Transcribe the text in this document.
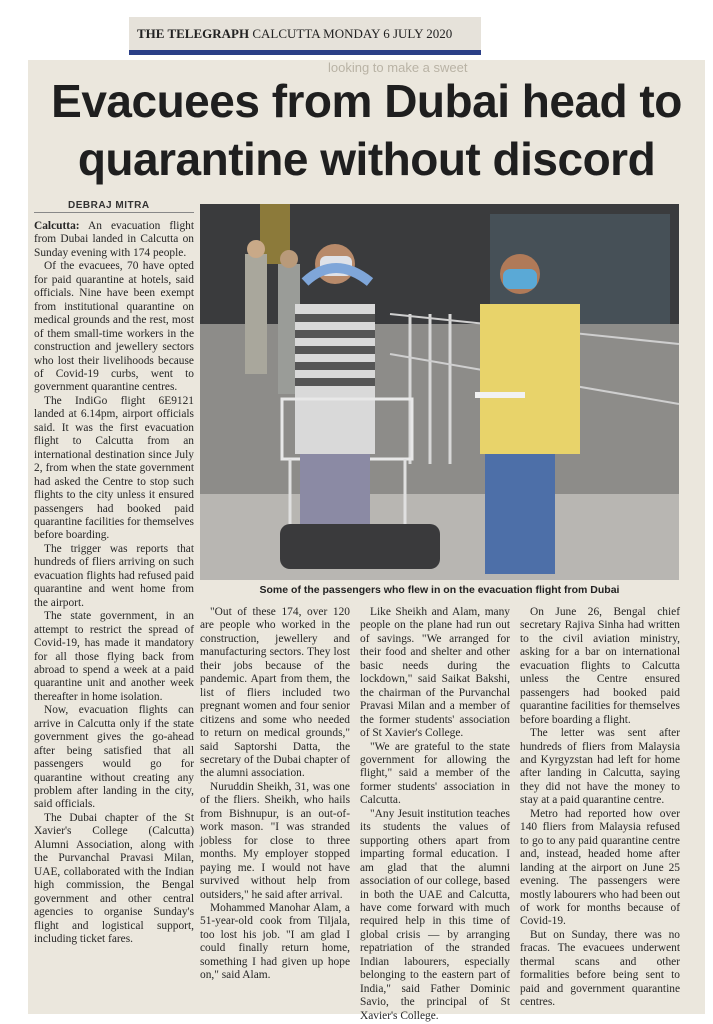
THE TELEGRAPH CALCUTTA MONDAY 6 JULY 2020
looking to make a sweet
Evacuees from Dubai head to
quarantine without discord
DEBRAJ MITRA
Some of the passengers who flew in on the evacuation flight from Dubai

Calcutta: An evacuation flight from Dubai landed in Calcutta on Sunday evening with 174 people.

Of the evacuees, 70 have opted for paid quarantine at hotels, said officials. Nine have been exempt from institutional quarantine on medical grounds and the rest, most of them small-time workers in the construction and jewellery sectors who lost their livelihoods because of Covid-19 curbs, went to government quarantine centres.

The IndiGo flight 6E9121 landed at 6.14pm, airport officials said. It was the first evacuation flight to Calcutta from an international destination since July 2, from when the state government had asked the Centre to stop such flights to the city unless it ensured passengers had booked paid quarantine facilities for themselves before boarding.

The trigger was reports that hundreds of fliers arriving on such evacuation flights had refused paid quarantine and went home from the airport.

The state government, in an attempt to restrict the spread of Covid-19, has made it mandatory for all those flying back from abroad to spend a week at a paid quarantine unit and another week thereafter in home isolation.

Now, evacuation flights can arrive in Calcutta only if the state government gives the go-ahead after being satisfied that all passengers would go for quarantine without creating any problem after landing in the city, said officials.

The Dubai chapter of the St Xavier's College (Calcutta) Alumni Association, along with the Purvanchal Pravasi Milan, UAE, collaborated with the Indian high commission, the Bengal government and other central agencies to organise Sunday's flight and logistical support, including ticket fares.

"Out of these 174, over 120 are people who worked in the construction, jewellery and manufacturing sectors. They lost their jobs because of the pandemic. Apart from them, the list of fliers included two pregnant women and four senior citizens and some who needed to return on medical grounds," said Saptorshi Datta, the secretary of the Dubai chapter of the alumni association.

Nuruddin Sheikh, 31, was one of the fliers. Sheikh, who hails from Bishnupur, is an out-of-work mason. "I was stranded jobless for close to three months. My employer stopped paying me. I would not have survived without help from outsiders," he said after arrival.

Mohammed Manohar Alam, a 51-year-old cook from Tiljala, too lost his job. "I am glad I could finally return home, something I had given up hope on," said Alam.

Like Sheikh and Alam, many people on the plane had run out of savings. "We arranged for their food and shelter and other basic needs during the lockdown," said Saikat Bakshi, the chairman of the Purvanchal Pravasi Milan and a member of the former students' association of St Xavier's College.

"We are grateful to the state government for allowing the flight," said a member of the former students' association in Calcutta.

"Any Jesuit institution teaches its students the values of supporting others apart from imparting formal education. I am glad that the alumni association of our college, based in both the UAE and Calcutta, have come forward with much required help in this time of global crisis — by arranging repatriation of the stranded Indian labourers, especially belonging to the eastern part of India," said Father Dominic Savio, the principal of St Xavier's College.

On June 26, Bengal chief secretary Rajiva Sinha had written to the civil aviation ministry, asking for a bar on international evacuation flights to Calcutta unless the Centre ensured passengers had booked paid quarantine facilities for themselves before boarding a flight.

The letter was sent after hundreds of fliers from Malaysia and Kyrgyzstan had left for home after landing in Calcutta, saying they did not have the money to stay at a paid quarantine centre.

Metro had reported how over 140 fliers from Malaysia refused to go to any paid quarantine centre and, instead, headed home after landing at the airport on June 25 evening. The passengers were mostly labourers who had been out of work for months because of Covid-19.

But on Sunday, there was no fracas. The evacuees underwent thermal scans and other formalities before being sent to paid and government quarantine centres.
